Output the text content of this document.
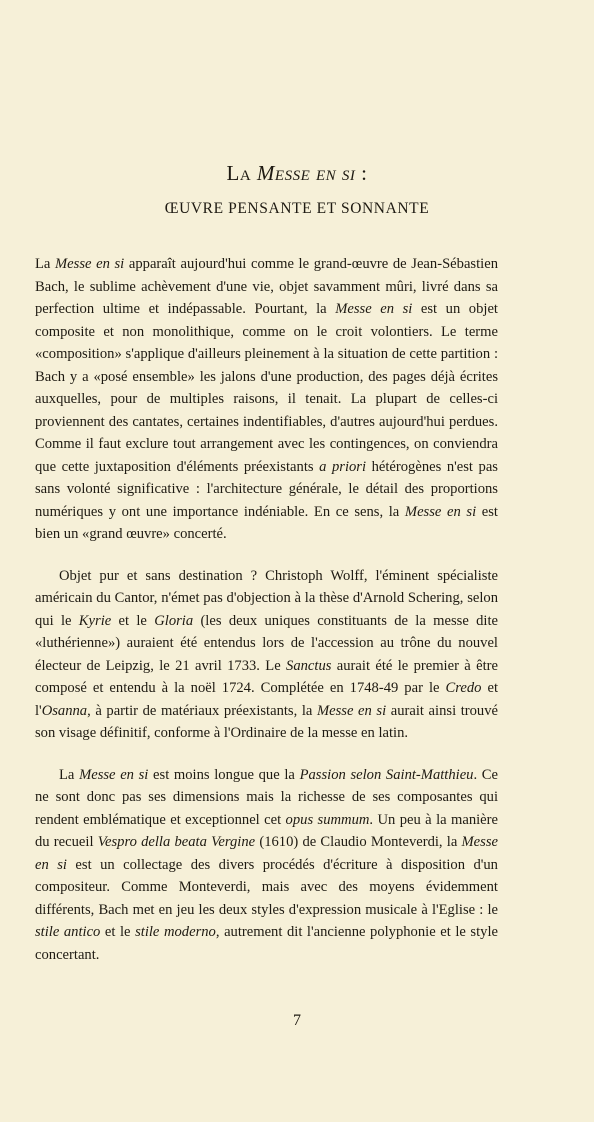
La Messe en si :
ŒUVRE PENSANTE ET SONNANTE

La Messe en si apparaît aujourd'hui comme le grand-œuvre de Jean-Sébastien Bach, le sublime achèvement d'une vie, objet savamment mûri, livré dans sa perfection ultime et indépassable. Pourtant, la Messe en si est un objet composite et non monolithique, comme on le croit volontiers. Le terme «composition» s'applique d'ailleurs pleinement à la situation de cette partition : Bach y a «posé ensemble» les jalons d'une production, des pages déjà écrites auxquelles, pour de multiples raisons, il tenait. La plupart de celles-ci proviennent des cantates, certaines indentifiables, d'autres aujourd'hui perdues. Comme il faut exclure tout arrangement avec les contingences, on conviendra que cette juxtaposition d'éléments préexistants a priori hétérogènes n'est pas sans volonté significative : l'architecture générale, le détail des proportions numériques y ont une importance indéniable. En ce sens, la Messe en si est bien un «grand œuvre» concerté.

Objet pur et sans destination ? Christoph Wolff, l'éminent spécialiste américain du Cantor, n'émet pas d'objection à la thèse d'Arnold Schering, selon qui le Kyrie et le Gloria (les deux uniques constituants de la messe dite «luthérienne») auraient été entendus lors de l'accession au trône du nouvel électeur de Leipzig, le 21 avril 1733. Le Sanctus aurait été le premier à être composé et entendu à la noël 1724. Complétée en 1748-49 par le Credo et l'Osanna, à partir de matériaux préexistants, la Messe en si aurait ainsi trouvé son visage définitif, conforme à l'Ordinaire de la messe en latin.

La Messe en si est moins longue que la Passion selon Saint-Matthieu. Ce ne sont donc pas ses dimensions mais la richesse de ses composantes qui rendent emblématique et exceptionnel cet opus summum. Un peu à la manière du recueil Vespro della beata Vergine (1610) de Claudio Monteverdi, la Messe en si est un collectage des divers procédés d'écriture à disposition d'un compositeur. Comme Monteverdi, mais avec des moyens évidemment différents, Bach met en jeu les deux styles d'expression musicale à l'Eglise : le stile antico et le stile moderno, autrement dit l'ancienne polyphonie et le style concertant.

7
